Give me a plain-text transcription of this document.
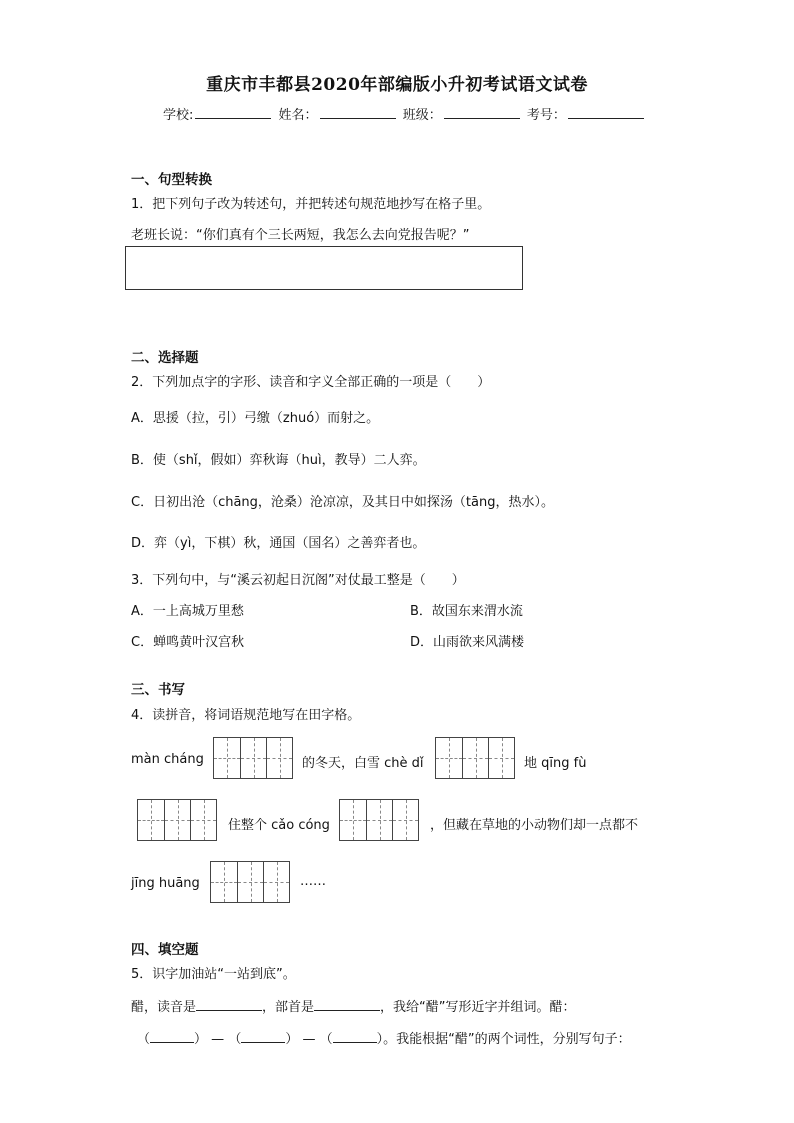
重庆市丰都县2020年部编版小升初考试语文试卷
学校:	姓名：	班级：	考号：
一、句型转换
1．把下列句子改为转述句，并把转述句规范地抄写在格子里。
老班长说：“你们真有个三长两短，我怎么去向党报告呢？”
二、选择题
2．下列加点字的字形、读音和字义全部正确的一项是（　　）
A．思援（拉，引）弓缴（zhuó）而射之。
B．使（shǐ，假如）弈秋诲（huì，教导）二人弈。
C．日初出沧（chāng，沧桑）沧凉凉，及其日中如探汤（tāng，热水）。
D．弈（yì，下棋）秋，通国（国名）之善弈者也。
3．下列句中，与“溪云初起日沉阁”对仗最工整是（　　）
A．一上高城万里愁	B．故国东来渭水流
C．蝉鸣黄叶汉宫秋	D．山雨欲来风满楼
三、书写
4．读拼音，将词语规范地写在田字格。
màn cháng	的冬天，白雪 chè dǐ	地 qīng fù
住整个 cǎo cóng	，但藏在草地的小动物们却一点都不
jīng huāng	……
四、填空题
5．识字加油站“一站到底”。
醋，读音是	，部首是	，我给“醋”写形近字并组词。醋：
（	） — （	） — （	）。我能根据“醋”的两个词性，分别写句子：
